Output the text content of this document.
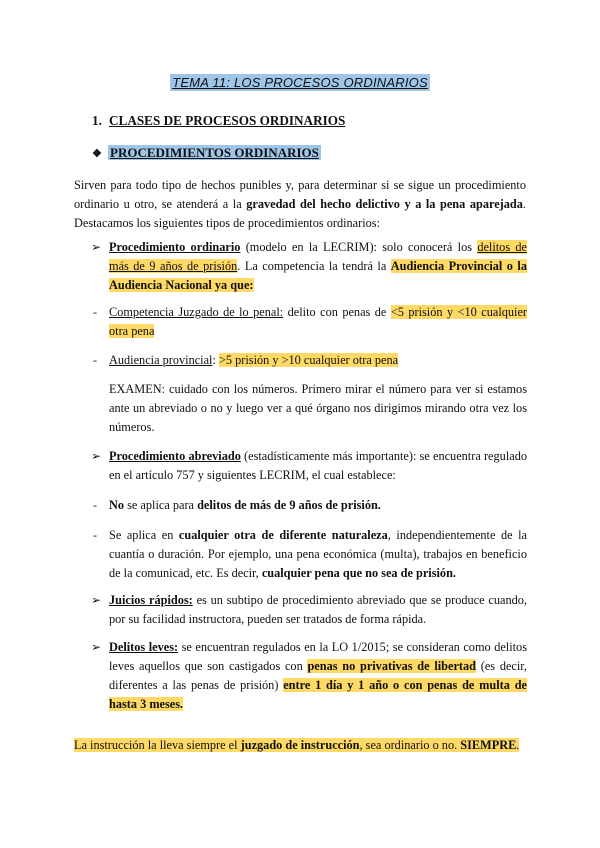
TEMA 11: LOS PROCESOS ORDINARIOS
1. CLASES DE PROCESOS ORDINARIOS
❖ PROCEDIMIENTOS ORDINARIOS
Sirven para todo tipo de hechos punibles y, para determinar si se sigue un procedimiento ordinario u otro, se atenderá a la gravedad del hecho delictivo y a la pena aparejada. Destacamos los siguientes tipos de procedimientos ordinarios:
➢ Procedimiento ordinario (modelo en la LECRIM): solo conocerá los delitos de más de 9 años de prisión. La competencia la tendrá la Audiencia Provincial o la Audiencia Nacional ya que:
- Competencia Juzgado de lo penal: delito con penas de <5 prisión y <10 cualquier otra pena
- Audiencia provincial: >5 prisión y >10 cualquier otra pena
EXAMEN: cuidado con los números. Primero mirar el número para ver si estamos ante un abreviado o no y luego ver a qué órgano nos dirigimos mirando otra vez los números.
➢ Procedimiento abreviado (estadísticamente más importante): se encuentra regulado en el artículo 757 y siguientes LECRIM, el cual establece:
- No se aplica para delitos de más de 9 años de prisión.
- Se aplica en cualquier otra de diferente naturaleza, independientemente de la cuantía o duración. Por ejemplo, una pena económica (multa), trabajos en beneficio de la comunicad, etc. Es decir, cualquier pena que no sea de prisión.
➢ Juicios rápidos: es un subtipo de procedimiento abreviado que se produce cuando, por su facilidad instructora, pueden ser tratados de forma rápida.
➢ Delitos leves: se encuentran regulados en la LO 1/2015; se consideran como delitos leves aquellos que son castigados con penas no privativas de libertad (es decir, diferentes a las penas de prisión) entre 1 día y 1 año o con penas de multa de hasta 3 meses.
La instrucción la lleva siempre el juzgado de instrucción, sea ordinario o no. SIEMPRE.
